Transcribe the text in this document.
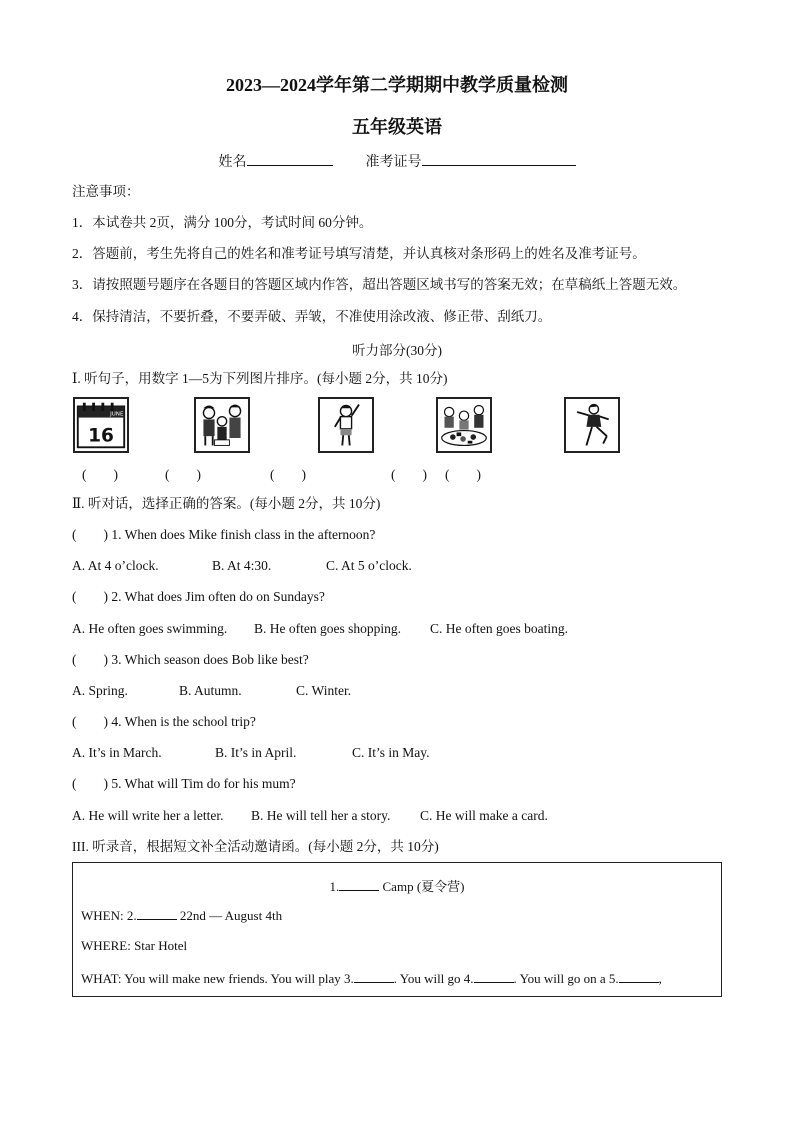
2023—2024学年第二学期期中教学质量检测
五年级英语
姓名	准考证号
注意事项：
1．本试卷共 2页，满分 100分，考试时间 60分钟。
2．答题前，考生先将自己的姓名和准考证号填写清楚，并认真核对条形码上的姓名及准考证号。
3．请按照题号题序在各题目的答题区域内作答，超出答题区域书写的答案无效；在草稿纸上答题无效。
4．保持清洁，不要折叠，不要弄破、弄皱，不准使用涂改液、修正带、刮纸刀。
听力部分(30分)
Ⅰ. 听句子，用数字 1—5为下列图片排序。(每小题 2分，共 10分)
JUNE
16
(　　)	(　　)	(　　)	(　　) (　　)
Ⅱ. 听对话，选择正确的答案。(每小题 2分，共 10分)
(　　) 1. When does Mike finish class in the afternoon?
A. At 4 o’clock.	B. At 4:30.	C. At 5 o’clock.
(　　) 2. What does Jim often do on Sundays?
A. He often goes swimming. B. He often goes shopping. C. He often goes boating.
(　　) 3. Which season does Bob like best?
A. Spring.	B. Autumn.	C. Winter.
(　　) 4. When is the school trip?
A. It’s in March.	B. It’s in April.	C. It’s in May.
(　　) 5. What will Tim do for his mum?
A. He will write her a letter. B. He will tell her a story. C. He will make a card.
III. 听录音，根据短文补全活动邀请函。(每小题 2分，共 10分)
1.	Camp (夏令营)
WHEN: 2.	22nd — August 4th
WHERE: Star Hotel
WHAT: You will make new friends. You will play 3.	. You will go 4.	. You will go on a 5.	,
